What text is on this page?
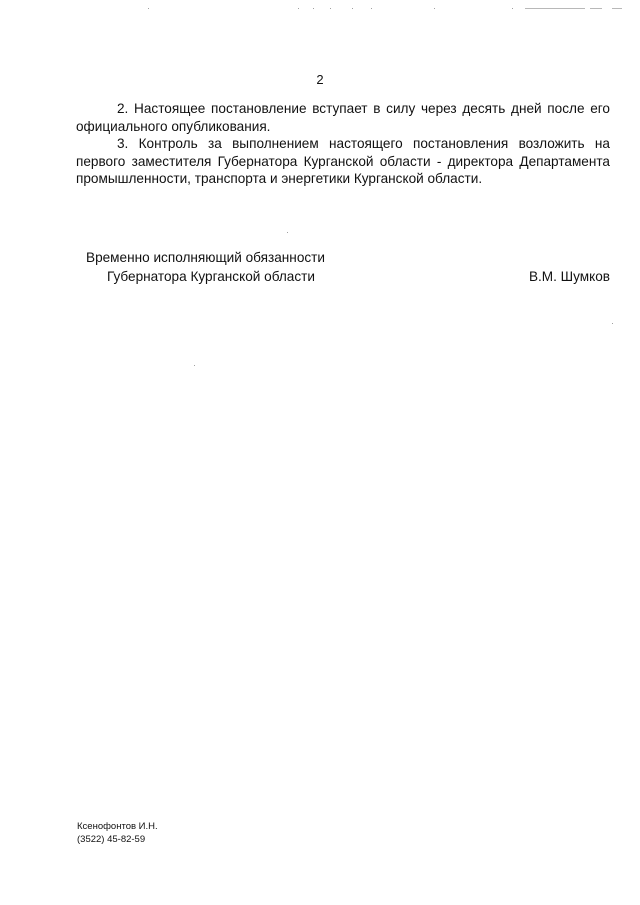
2

2. Настоящее постановление вступает в силу через десять дней после его официального опубликования.

3. Контроль за выполнением настоящего постановления возложить на первого заместителя Губернатора Курганской области - директора Департамента промышленности, транспорта и энергетики Курганской области.

Временно исполняющий обязанности
Губернатора Курганской области	В.М. Шумков
Ксенофонтов И.Н.
(3522) 45-82-59
